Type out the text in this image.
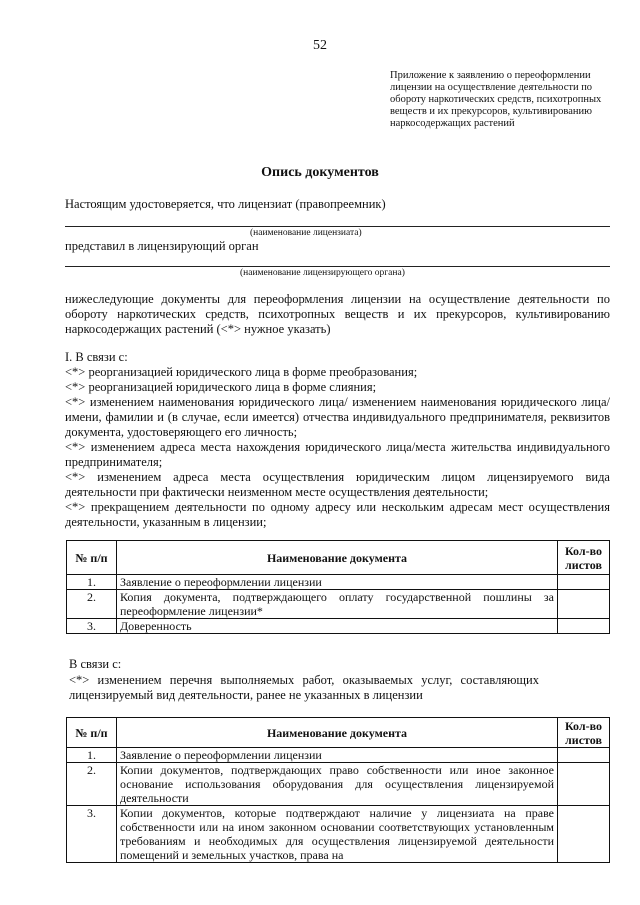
52
Приложение к заявлению о переоформлении лицензии на осуществление деятельности по обороту наркотических средств, психотропных веществ и их прекурсоров, культивированию наркосодержащих растений
Опись документов
Настоящим удостоверяется, что лицензиат (правопреемник)
(наименование лицензиата)
представил в лицензирующий орган
(наименование лицензирующего органа)
нижеследующие документы для переоформления лицензии на осуществление деятельности по обороту наркотических средств, психотропных веществ и их прекурсоров, культивированию наркосодержащих растений (<*> нужное указать)
I. В связи с:
<*> реорганизацией юридического лица в форме преобразования;
<*> реорганизацией юридического лица в форме слияния;
<*> изменением наименования юридического лица/ изменением наименования юридического лица/ имени, фамилии и (в случае, если имеется) отчества индивидуального предпринимателя, реквизитов документа, удостоверяющего его личность;
<*> изменением адреса места нахождения юридического лица/места жительства индивидуального предпринимателя;
<*> изменением адреса места осуществления юридическим лицом лицензируемого вида деятельности при фактически неизменном месте осуществления деятельности;
<*> прекращением деятельности по одному адресу или нескольким адресам мест осуществления деятельности, указанным в лицензии;
№ п/п	Наименование документа	Кол-во листов
1.	Заявление о переоформлении лицензии	
2.	Копия документа, подтверждающего оплату государственной пошлины за переоформление лицензии*	
3.	Доверенность	
В связи с:
<*> изменением перечня выполняемых работ, оказываемых услуг, составляющих лицензируемый вид деятельности, ранее не указанных в лицензии
№ п/п	Наименование документа	Кол-во листов
1.	Заявление о переоформлении лицензии	
2.	Копии документов, подтверждающих право собственности или иное законное основание использования оборудования для осуществления лицензируемой деятельности	
3.	Копии документов, которые подтверждают наличие у лицензиата на праве собственности или на ином законном основании соответствующих установленным требованиям и необходимых для осуществления лицензируемой деятельности помещений и земельных участков, права на	
